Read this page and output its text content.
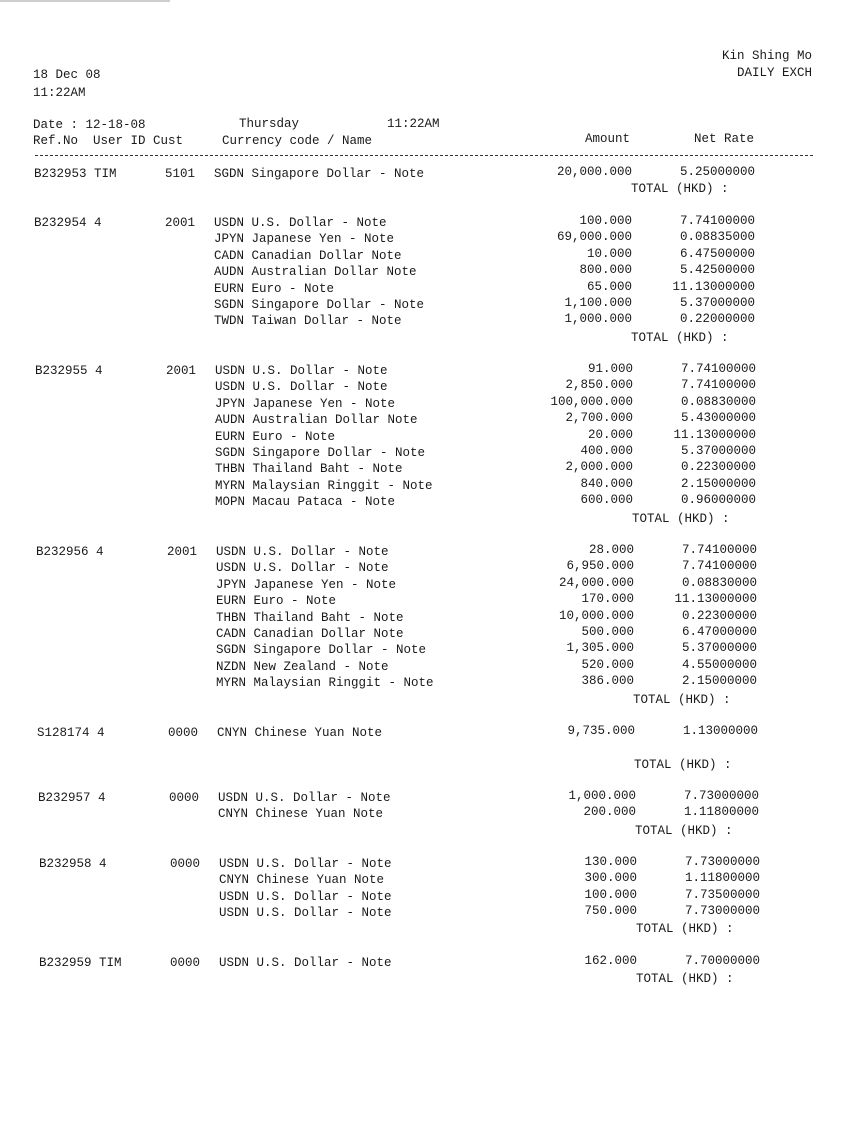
Kin Shing Mo
DAILY EXCH
18 Dec 08
11:22AM
Date : 12-18-08	Thursday	11:22AM
Ref.No  User ID Cust	Currency code / Name	Amount	Net Rate
B232953 TIM	5101 SGDN Singapore Dollar - Note	20,000.000	5.25000000
TOTAL (HKD) :
B232954 4	2001 USDN U.S. Dollar - Note	100.000	7.74100000
JPYN Japanese Yen - Note	69,000.000	0.08835000
CADN Canadian Dollar Note	10.000	6.47500000
AUDN Australian Dollar Note	800.000	5.42500000
EURN Euro - Note	65.000	11.13000000
SGDN Singapore Dollar - Note	1,100.000	5.37000000
TWDN Taiwan Dollar - Note	1,000.000	0.22000000
TOTAL (HKD) :
B232955 4	2001 USDN U.S. Dollar - Note	91.000	7.74100000
USDN U.S. Dollar - Note	2,850.000	7.74100000
JPYN Japanese Yen - Note	100,000.000	0.08830000
AUDN Australian Dollar Note	2,700.000	5.43000000
EURN Euro - Note	20.000	11.13000000
SGDN Singapore Dollar - Note	400.000	5.37000000
THBN Thailand Baht - Note	2,000.000	0.22300000
MYRN Malaysian Ringgit - Note	840.000	2.15000000
MOPN Macau Pataca - Note	600.000	0.96000000
TOTAL (HKD) :
B232956 4	2001 USDN U.S. Dollar - Note	28.000	7.74100000
USDN U.S. Dollar - Note	6,950.000	7.74100000
JPYN Japanese Yen - Note	24,000.000	0.08830000
EURN Euro - Note	170.000	11.13000000
THBN Thailand Baht - Note	10,000.000	0.22300000
CADN Canadian Dollar Note	500.000	6.47000000
SGDN Singapore Dollar - Note	1,305.000	5.37000000
NZDN New Zealand - Note	520.000	4.55000000
MYRN Malaysian Ringgit - Note	386.000	2.15000000
TOTAL (HKD) :
S128174 4	0000 CNYN Chinese Yuan Note	9,735.000	1.13000000
TOTAL (HKD) :
B232957 4	0000 USDN U.S. Dollar - Note	1,000.000	7.73000000
CNYN Chinese Yuan Note	200.000	1.11800000
TOTAL (HKD) :
B232958 4	0000 USDN U.S. Dollar - Note	130.000	7.73000000
CNYN Chinese Yuan Note	300.000	1.11800000
USDN U.S. Dollar - Note	100.000	7.73500000
USDN U.S. Dollar - Note	750.000	7.73000000
TOTAL (HKD) :
B232959 TIM	0000 USDN U.S. Dollar - Note	162.000	7.70000000
TOTAL (HKD) :
